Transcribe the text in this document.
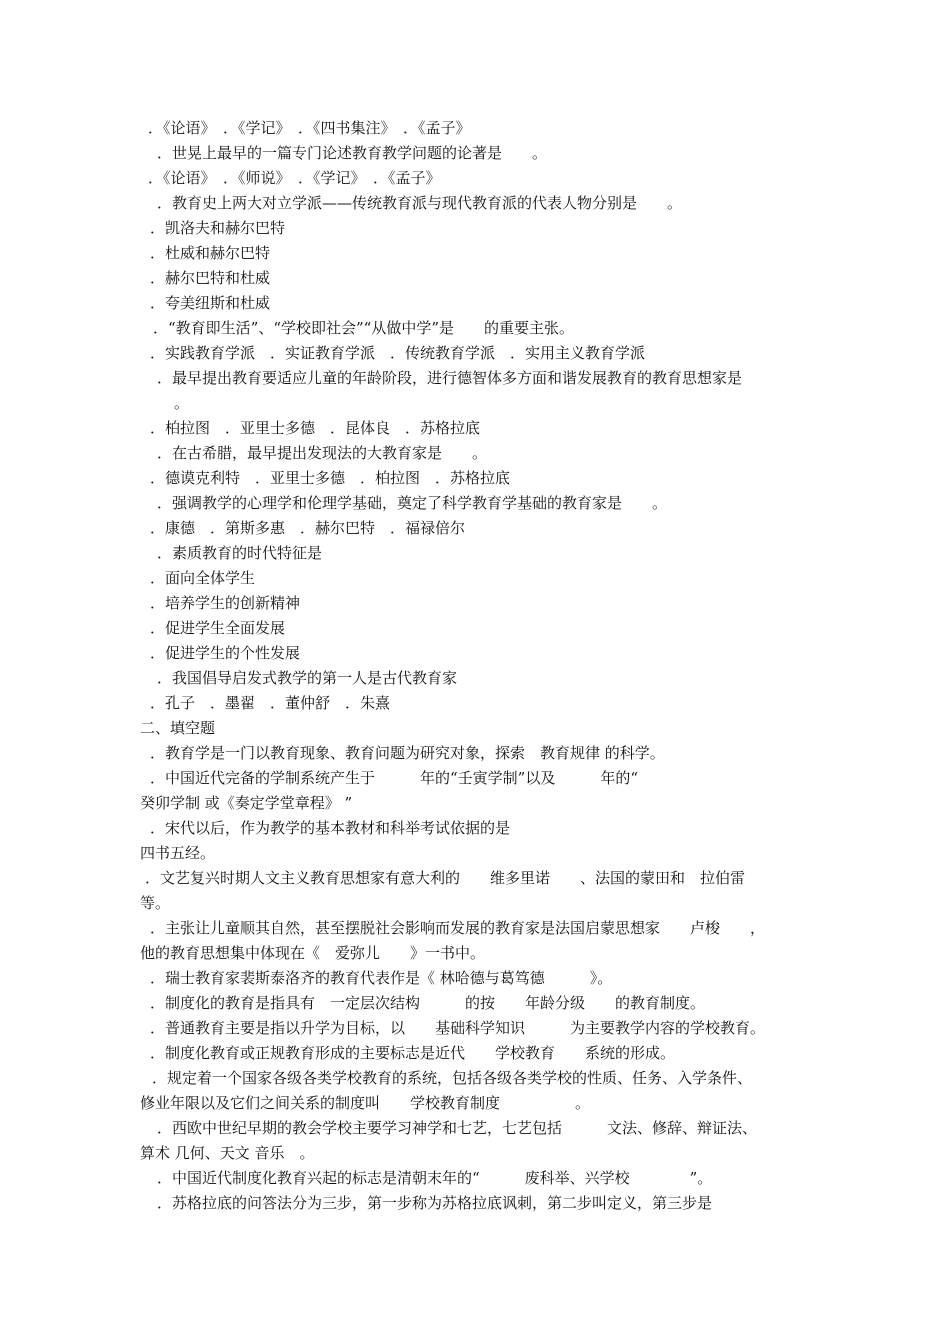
．《论语》　．《学记》　．《四书集注》　．《孟子》

．世晃上最早的一篇专门论述教育教学问题的论著是　　。

．《论语》　．《师说》　．《学记》　．《孟子》

．教育史上两大对立学派——传统教育派与现代教育派的代表人物分别是　　。

．凯洛夫和赫尔巴特

．杜威和赫尔巴特

．赫尔巴特和杜威

．夸美纽斯和杜威

．“教育即生活”、“学校即社会”“从做中学”是　　的重要主张。

．实践教育学派　．实证教育学派　．传统教育学派　．实用主义教育学派

．最早提出教育要适应儿童的年龄阶段，进行德智体多方面和谐发展教育的教育思想家是

。

．柏拉图　．亚里士多德　．昆体良　．苏格拉底

．在古希腊，最早提出发现法的大教育家是　　。

．德谟克利特　．亚里士多德　．柏拉图　．苏格拉底

．强调教学的心理学和伦理学基础，奠定了科学教育学基础的教育家是　　。

．康德　．第斯多惠　．赫尔巴特　．福禄倍尔

．素质教育的时代特征是

．面向全体学生

．培养学生的创新精神

．促进学生全面发展

．促进学生的个性发展

．我国倡导启发式教学的第一人是古代教育家

．孔子　．墨翟　．董仲舒　．朱熹

二、填空题

．教育学是一门以教育现象、教育问题为研究对象，探索　教育规律 的科学。

．中国近代完备的学制系统产生于　　　年的“壬寅学制”以及　　　年的“

癸卯学制 或《奏定学堂章程》 ”

．宋代以后，作为教学的基本教材和科举考试依据的是

四书五经。

．文艺复兴时期人文主义教育思想家有意大利的　　维多里诺　　、法国的蒙田和　拉伯雷

等。

．主张让儿童顺其自然，甚至摆脱社会影响而发展的教育家是法国启蒙思想家　　卢梭　　，

他的教育思想集中体现在《　爱弥儿　　》一书中。

．瑞士教育家裴斯泰洛齐的教育代表作是《 林哈德与葛笃德　　　》。

．制度化的教育是指具有　一定层次结构　　　的按　　年龄分级　　的教育制度。

．普通教育主要是指以升学为目标，以　　基础科学知识　　　为主要教学内容的学校教育。

．制度化教育或正规教育形成的主要标志是近代　　学校教育　　系统的形成。

．规定着一个国家各级各类学校教育的系统，包括各级各类学校的性质、任务、入学条件、

修业年限以及它们之间关系的制度叫　　学校教育制度　　　　　。

．西欧中世纪早期的教会学校主要学习神学和七艺，七艺包括　　　文法、修辞、辩证法、

算术 几何、天文 音乐　。

．中国近代制度化教育兴起的标志是清朝末年的“　　　废科举、兴学校　　　　”。

．苏格拉底的问答法分为三步，第一步称为苏格拉底讽刺，第二步叫定义，第三步是
